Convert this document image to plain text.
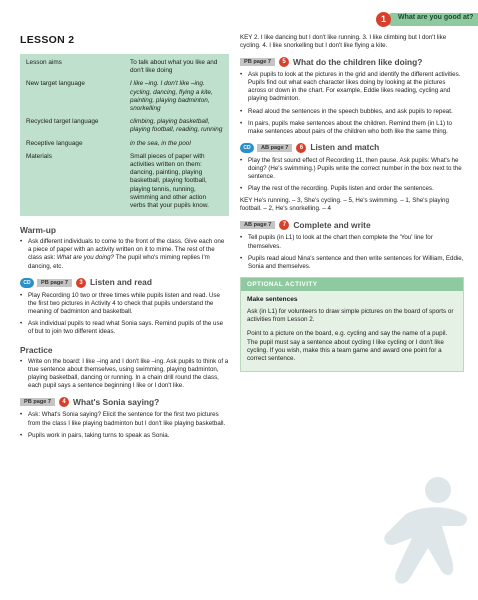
What are you good at?
1
LESSON 2
Lesson aims	To talk about what you like and don't like doing
New target language	I like –ing. I don't like –ing. cycling, dancing, flying a kite, painting, playing badminton, snorkelling
Recycled target language	climbing, playing basketball, playing football, reading, running
Receptive language	in the sea, in the pool
Materials	Small pieces of paper with activities written on them: dancing, painting, playing basketball, playing football, playing tennis, running, swimming and other action verbs that your pupils know.
Warm-up
• Ask different individuals to come to the front of the class. Give each one a piece of paper with an activity written on it to mime. The rest of the class ask: What are you doing? The pupil who's miming replies I'm dancing, etc.
CD	PB page 7	3 Listen and read
• Play Recording 10 two or three times while pupils listen and read. Use the first two pictures in Activity 4 to check that pupils understand the meaning of badminton and basketball.
• Ask individual pupils to read what Sonia says. Remind pupils of the use of but to join two different ideas.
Practice
• Write on the board: I like –ing and I don't like –ing. Ask pupils to think of a true sentence about themselves, using swimming, playing badminton, playing basketball, dancing or running. In a chain drill round the class, each pupil says a sentence beginning I like or I don't like.
PB page 7	4 What's Sonia saying?
• Ask: What's Sonia saying? Elicit the sentence for the first two pictures from the class I like playing badminton but I don't like playing basketball.
• Pupils work in pairs, taking turns to speak as Sonia.
KEY 2. I like dancing but I don't like running. 3. I like climbing but I don't like cycling. 4. I like snorkelling but I don't like flying a kite.
PB page 7	5 What do the children like doing?
• Ask pupils to look at the pictures in the grid and identify the different activities. Pupils find out what each character likes doing by looking at the pictures across or down in the chart. For example, Eddie likes reading, cycling and playing badminton.
• Read aloud the sentences in the speech bubbles, and ask pupils to repeat.
• In pairs, pupils make sentences about the children. Remind them (in L1) to make sentences about pairs of the children who both like the same thing.
CD	AB page 7	6 Listen and match
• Play the first sound effect of Recording 11, then pause. Ask pupils: What's he doing? (He's swimming.) Pupils write the correct number in the box next to the sentence.
• Play the rest of the recording. Pupils listen and order the sentences.
KEY He's running. – 3, She's cycling. – 5, He's swimming. – 1, She's playing football. – 2, He's snorkelling. – 4
AB page 7	7 Complete and write
• Tell pupils (in L1) to look at the chart then complete the 'You' line for themselves.
• Pupils read aloud Nina's sentence and then write sentences for William, Eddie, Sonia and themselves.
OPTIONAL ACTIVITY
Make sentences
Ask (in L1) for volunteers to draw simple pictures on the board of sports or activities from Lesson 2.
Point to a picture on the board, e.g. cycling and say the name of a pupil. The pupil must say a sentence about cycling I like cycling or I don't like cycling. If you wish, make this a team game and award one point for a correct sentence.
